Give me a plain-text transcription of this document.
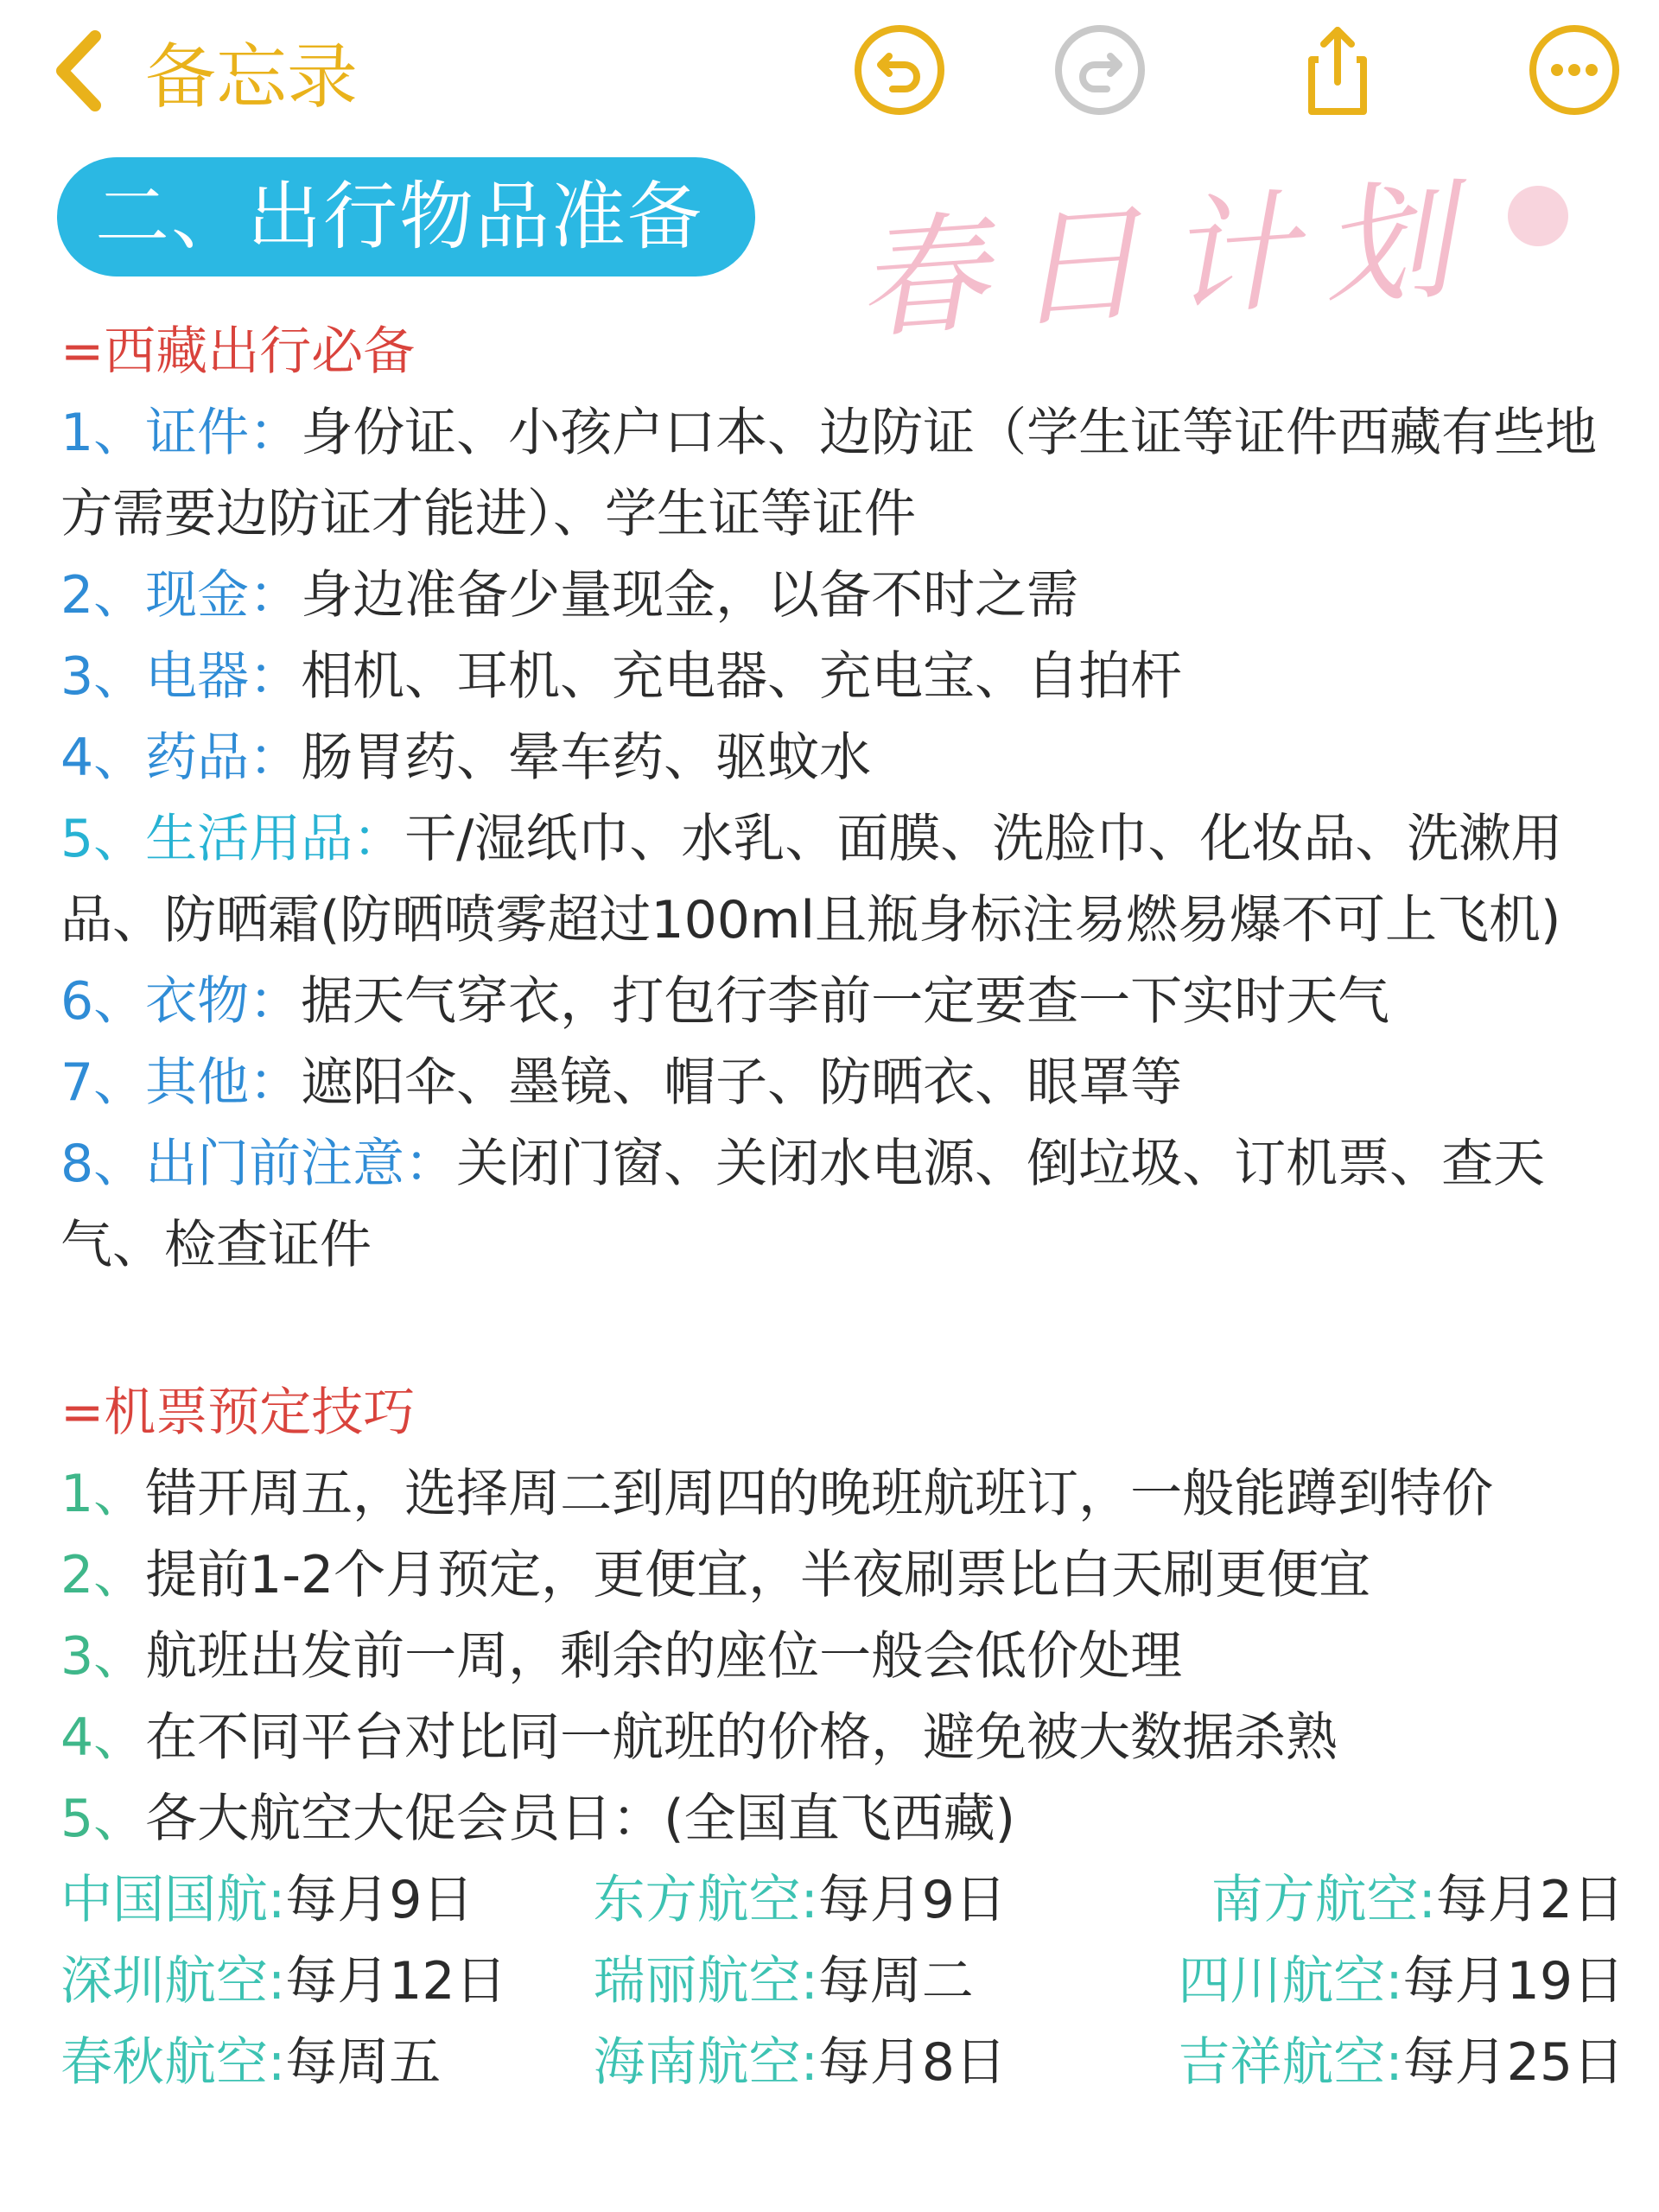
备忘录
二、出行物品准备	春日计划
=西藏出行必备
1、证件：身份证、小孩户口本、边防证（学生证等证件西藏有些地方需要边防证才能进）、学生证等证件
2、现金：身边准备少量现金，以备不时之需
3、电器：相机、耳机、充电器、充电宝、自拍杆
4、药品：肠胃药、晕车药、驱蚊水
5、生活用品：干/湿纸巾、水乳、面膜、洗脸巾、化妆品、洗漱用品、防晒霜(防晒喷雾超过100ml且瓶身标注易燃易爆不可上飞机)
6、衣物：据天气穿衣，打包行李前一定要查一下实时天气
7、其他：遮阳伞、墨镜、帽子、防晒衣、眼罩等
8、出门前注意：关闭门窗、关闭水电源、倒垃圾、订机票、查天气、检查证件
=机票预定技巧
1、错开周五，选择周二到周四的晚班航班订，一般能蹲到特价
2、提前1-2个月预定，更便宜，半夜刷票比白天刷更便宜
3、航班出发前一周，剩余的座位一般会低价处理
4、在不同平台对比同一航班的价格，避免被大数据杀熟
5、各大航空大促会员日：(全国直飞西藏)
中国国航:每月9日	东方航空:每月9日	南方航空:每月2日
深圳航空:每月12日	瑞丽航空:每周二	四川航空:每月19日
春秋航空:每周五	海南航空:每月8日	吉祥航空:每月25日
